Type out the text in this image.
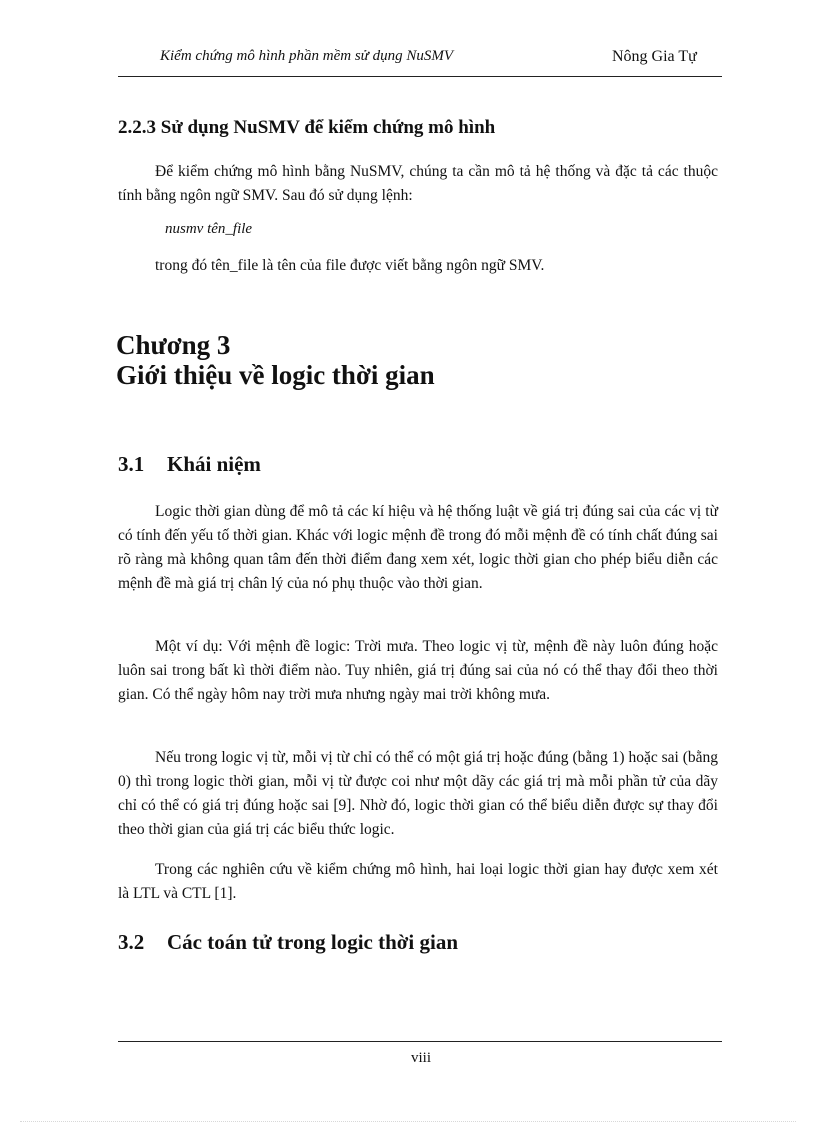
Kiểm chứng mô hình phần mềm sử dụng NuSMV	Nông Gia Tự
2.2.3 Sử dụng NuSMV để kiểm chứng mô hình
Để kiểm chứng mô hình bằng NuSMV, chúng ta cần mô tả hệ thống và đặc tả các thuộc tính bằng ngôn ngữ SMV. Sau đó sử dụng lệnh:
nusmv tên_file
trong đó tên_file là tên của file được viết bằng ngôn ngữ SMV.
Chương 3
Giới thiệu về logic thời gian
3.1 Khái niệm
Logic thời gian dùng để mô tả các kí hiệu và hệ thống luật về giá trị đúng sai của các vị từ có tính đến yếu tố thời gian. Khác với logic mệnh đề trong đó mỗi mệnh đề có tính chất đúng sai rõ ràng mà không quan tâm đến thời điểm đang xem xét, logic thời gian cho phép biểu diễn các mệnh đề mà giá trị chân lý của nó phụ thuộc vào thời gian.
Một ví dụ: Với mệnh đề logic: Trời mưa. Theo logic vị từ, mệnh đề này luôn đúng hoặc luôn sai trong bất kì thời điểm nào. Tuy nhiên, giá trị đúng sai của nó có thể thay đổi theo thời gian. Có thể ngày hôm nay trời mưa nhưng ngày mai trời không mưa.
Nếu trong logic vị từ, mỗi vị từ chỉ có thể có một giá trị hoặc đúng (bằng 1) hoặc sai (bằng 0) thì trong logic thời gian, mỗi vị từ được coi như một dãy các giá trị mà mỗi phần tử của dãy chỉ có thể có giá trị đúng hoặc sai [9]. Nhờ đó, logic thời gian có thể biểu diễn được sự thay đổi theo thời gian của giá trị các biểu thức logic.
Trong các nghiên cứu về kiểm chứng mô hình, hai loại logic thời gian hay được xem xét là LTL và CTL [1].
3.2 Các toán tử trong logic thời gian
viii
